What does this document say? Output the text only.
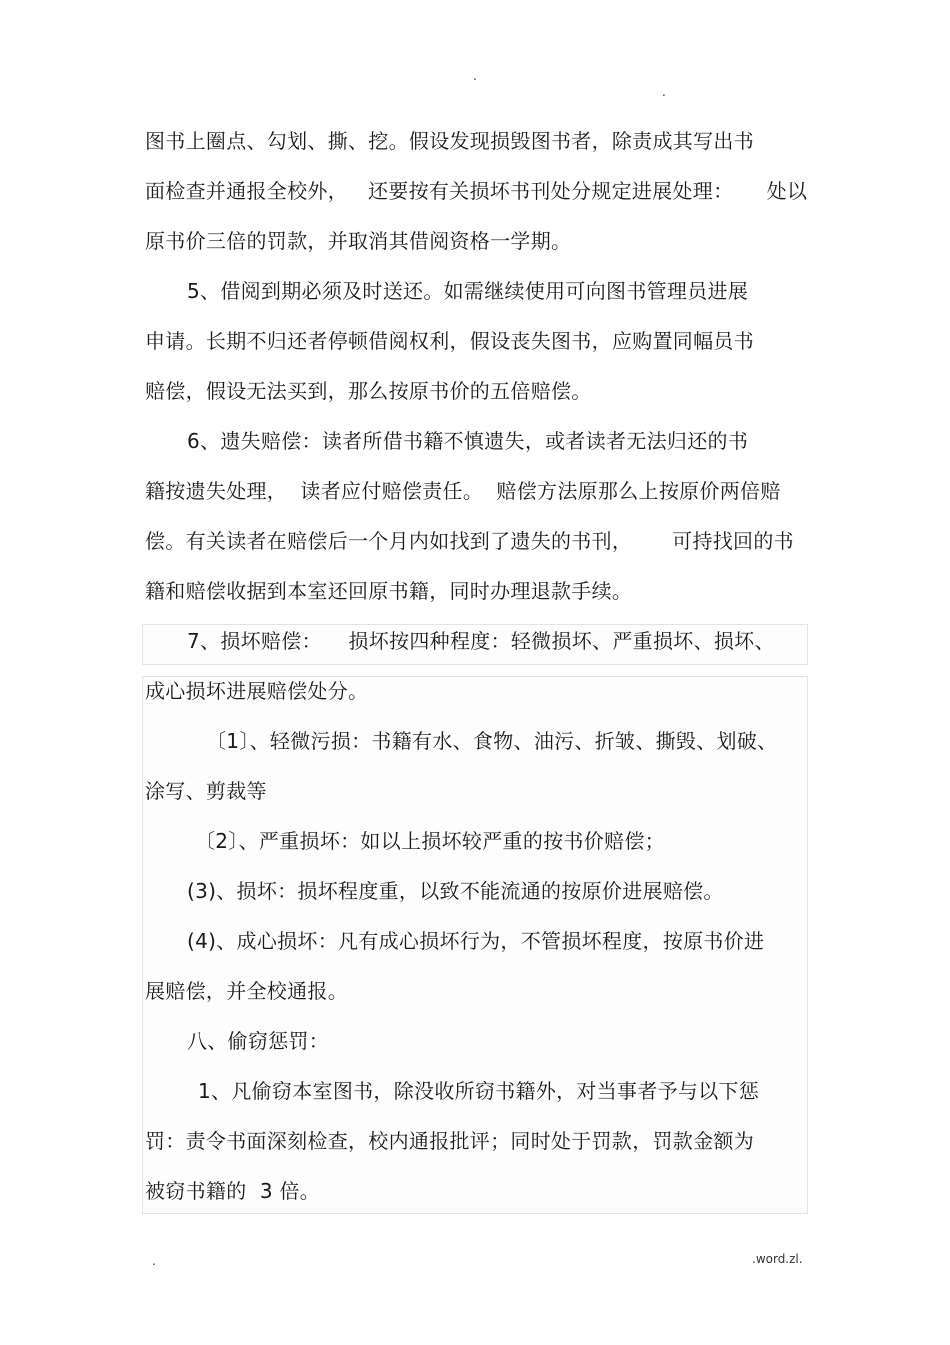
.
.
图书上圈点、勾划、撕、挖。假设发现损毁图书者，除责成其写出书
面检查并通报全校外，   还要按有关损坏书刊处分规定进展处理：     处以
原书价三倍的罚款，并取消其借阅资格一学期。
5、借阅到期必须及时送还。如需继续使用可向图书管理员进展
申请。长期不归还者停顿借阅权利，假设丧失图书，应购置同幅员书
赔偿，假设无法买到，那么按原书价的五倍赔偿。
6、遗失赔偿：读者所借书籍不慎遗失，或者读者无法归还的书
籍按遗失处理，  读者应付赔偿责任。  赔偿方法原那么上按原价两倍赔
偿。有关读者在赔偿后一个月内如找到了遗失的书刊，      可持找回的书
籍和赔偿收据到本室还回原书籍，同时办理退款手续。
7、损坏赔偿：    损坏按四种程度：轻微损坏、严重损坏、损坏、
成心损坏进展赔偿处分。
〔1〕、轻微污损：书籍有水、食物、油污、折皱、撕毁、划破、
涂写、剪裁等
〔2〕、严重损坏：如以上损坏较严重的按书价赔偿；
(3)、损坏：损坏程度重，以致不能流通的按原价进展赔偿。
(4)、成心损坏：凡有成心损坏行为，不管损坏程度，按原书价进
展赔偿，并全校通报。
八、偷窃惩罚：
1、凡偷窃本室图书，除没收所窃书籍外，对当事者予与以下惩
罚：责令书面深刻检查，校内通报批评；同时处于罚款，罚款金额为
被窃书籍的  3 倍。
.	.word.zl.
